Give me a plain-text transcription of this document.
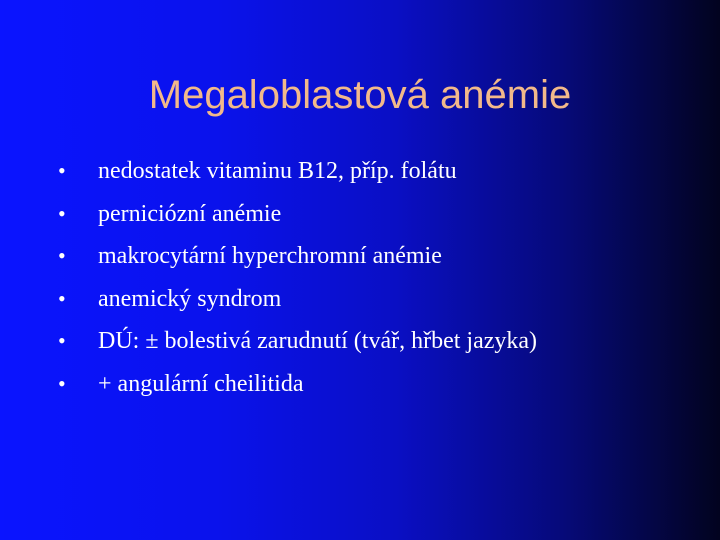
Megaloblastová anémie
•	nedostatek vitaminu B12, příp. folátu
•	perniciózní anémie
•	makrocytární hyperchromní anémie
•	anemický syndrom
•	DÚ: ± bolestivá zarudnutí (tvář, hřbet jazyka)
•	+ angulární cheilitida
